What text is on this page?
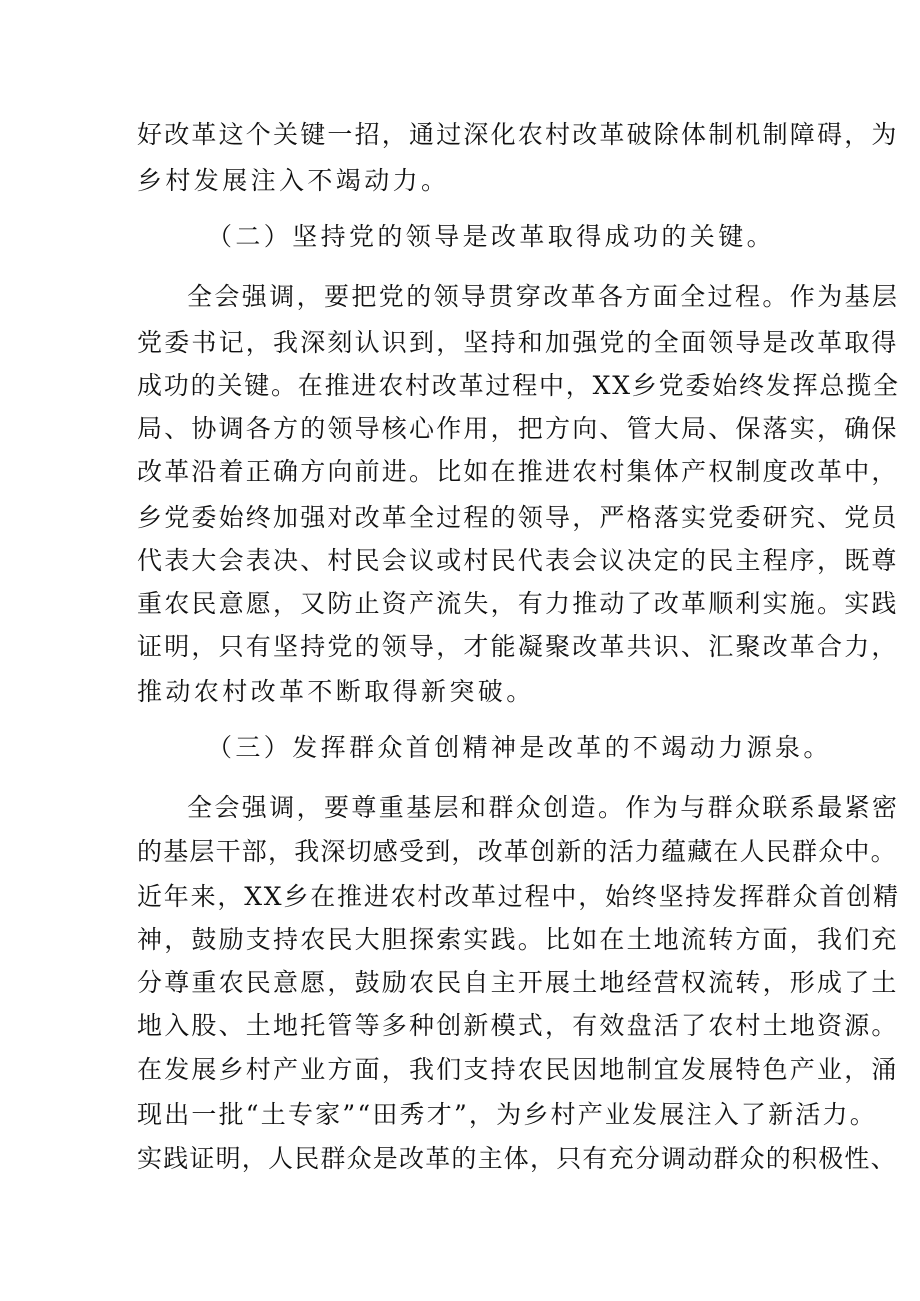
好改革这个关键一招，通过深化农村改革破除体制机制障碍，为
乡村发展注入不竭动力。
（二）坚持党的领导是改革取得成功的关键。
全会强调，要把党的领导贯穿改革各方面全过程。作为基层
党委书记，我深刻认识到，坚持和加强党的全面领导是改革取得
成功的关键。在推进农村改革过程中，XX乡党委始终发挥总揽全
局、协调各方的领导核心作用，把方向、管大局、保落实，确保
改革沿着正确方向前进。比如在推进农村集体产权制度改革中，
乡党委始终加强对改革全过程的领导，严格落实党委研究、党员
代表大会表决、村民会议或村民代表会议决定的民主程序，既尊
重农民意愿，又防止资产流失，有力推动了改革顺利实施。实践
证明，只有坚持党的领导，才能凝聚改革共识、汇聚改革合力，
推动农村改革不断取得新突破。
（三）发挥群众首创精神是改革的不竭动力源泉。
全会强调，要尊重基层和群众创造。作为与群众联系最紧密
的基层干部，我深切感受到，改革创新的活力蕴藏在人民群众中。
近年来，XX乡在推进农村改革过程中，始终坚持发挥群众首创精
神，鼓励支持农民大胆探索实践。比如在土地流转方面，我们充
分尊重农民意愿，鼓励农民自主开展土地经营权流转，形成了土
地入股、土地托管等多种创新模式，有效盘活了农村土地资源。
在发展乡村产业方面，我们支持农民因地制宜发展特色产业，涌
现出一批“土专家”“田秀才”，为乡村产业发展注入了新活力。
实践证明，人民群众是改革的主体，只有充分调动群众的积极性、
